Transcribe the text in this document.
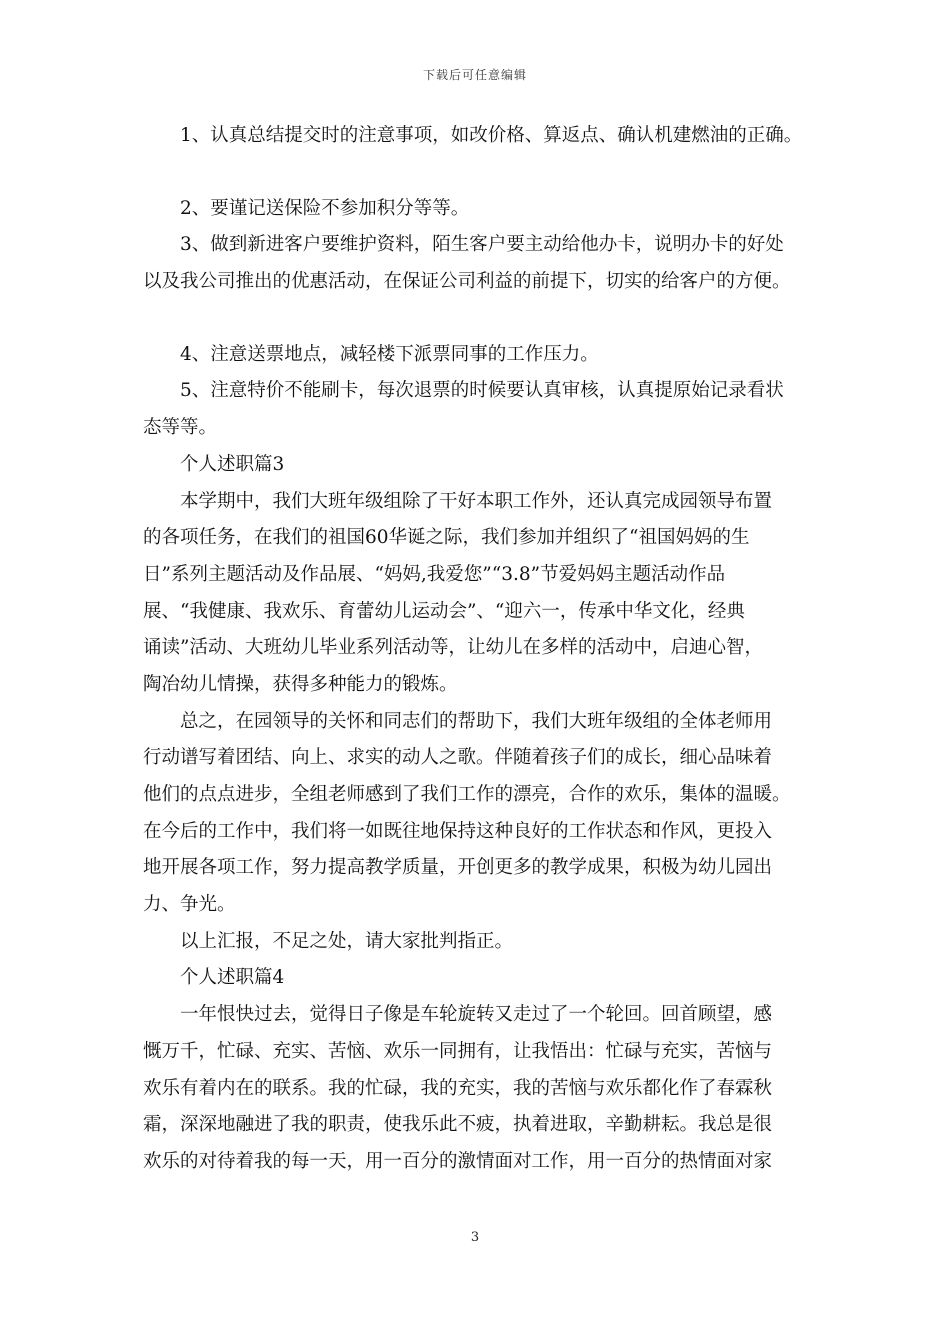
下载后可任意编辑
1、认真总结提交时的注意事项，如改价格、算返点、确认机建燃油的正确。
2、要谨记送保险不参加积分等等。
3、做到新进客户要维护资料，陌生客户要主动给他办卡，说明办卡的好处
以及我公司推出的优惠活动，在保证公司利益的前提下，切实的给客户的方便。
4、注意送票地点，减轻楼下派票同事的工作压力。
5、注意特价不能刷卡，每次退票的时候要认真审核，认真提原始记录看状
态等等。
个人述职篇3
本学期中，我们大班年级组除了干好本职工作外，还认真完成园领导布置
的各项任务，在我们的祖国60华诞之际，我们参加并组织了“祖国妈妈的生
日”系列主题活动及作品展、“妈妈,我爱您”“3.8”节爱妈妈主题活动作品
展、“我健康、我欢乐、育蕾幼儿运动会”、“迎六一，传承中华文化，经典
诵读”活动、大班幼儿毕业系列活动等，让幼儿在多样的活动中，启迪心智，
陶冶幼儿情操，获得多种能力的锻炼。
总之，在园领导的关怀和同志们的帮助下，我们大班年级组的全体老师用
行动谱写着团结、向上、求实的动人之歌。伴随着孩子们的成长，细心品味着
他们的点点进步，全组老师感到了我们工作的漂亮，合作的欢乐，集体的温暖。
在今后的工作中，我们将一如既往地保持这种良好的工作状态和作风，更投入
地开展各项工作，努力提高教学质量，开创更多的教学成果，积极为幼儿园出
力、争光。
以上汇报，不足之处，请大家批判指正。
个人述职篇4
一年恨快过去，觉得日子像是车轮旋转又走过了一个轮回。回首顾望，感
慨万千，忙碌、充实、苦恼、欢乐一同拥有，让我悟出：忙碌与充实，苦恼与
欢乐有着内在的联系。我的忙碌，我的充实，我的苦恼与欢乐都化作了春霖秋
霜，深深地融进了我的职责，使我乐此不疲，执着进取，辛勤耕耘。我总是很
欢乐的对待着我的每一天，用一百分的激情面对工作，用一百分的热情面对家
3
